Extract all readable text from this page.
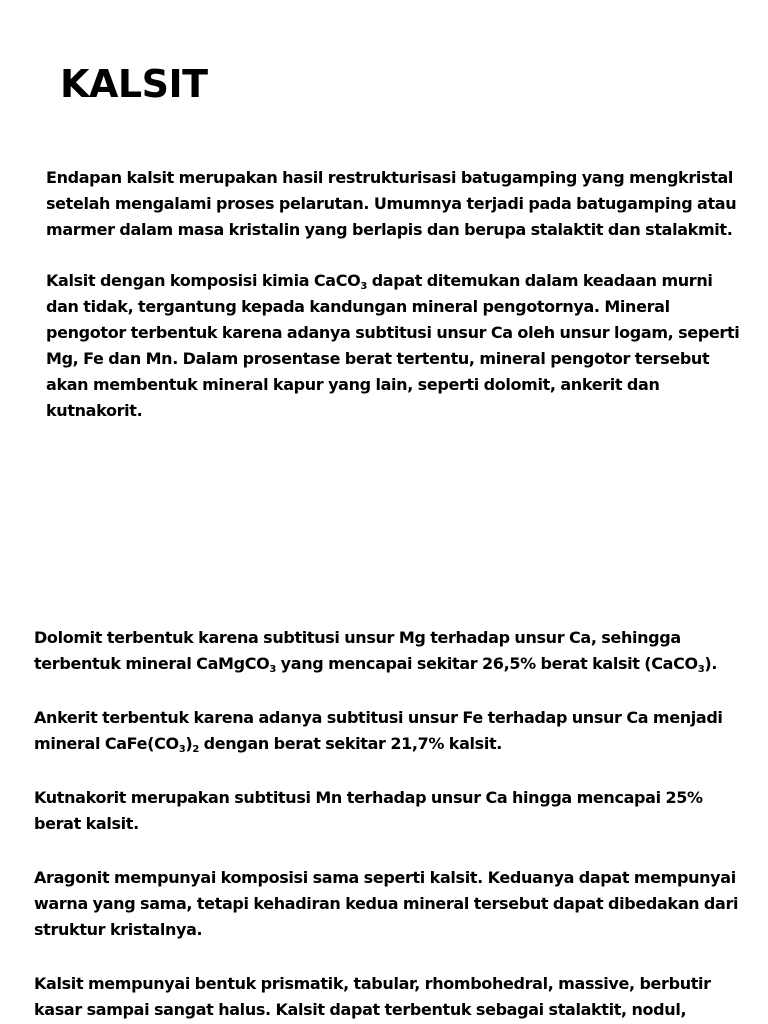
KALSIT

Endapan kalsit merupakan hasil restrukturisasi batugamping yang mengkristal setelah mengalami proses pelarutan. Umumnya terjadi pada batugamping atau marmer dalam masa kristalin yang berlapis dan berupa stalaktit dan stalakmit.

Kalsit dengan komposisi kimia CaCO$_3$ dapat ditemukan dalam keadaan murni dan tidak, tergantung kepada kandungan mineral pengotornya. Mineral pengotor terbentuk karena adanya subtitusi unsur Ca oleh unsur logam, seperti Mg, Fe dan Mn. Dalam prosentase berat tertentu, mineral pengotor tersebut akan membentuk mineral kapur yang lain, seperti dolomit, ankerit dan kutnakorit.

Dolomit terbentuk karena subtitusi unsur Mg terhadap unsur Ca, sehingga terbentuk mineral CaMgCO$_3$ yang mencapai sekitar 26,5% berat kalsit (CaCO$_3$).

Ankerit terbentuk karena adanya subtitusi unsur Fe terhadap unsur Ca menjadi mineral $CaFe(CO_3)_2$ dengan berat sekitar 21,7% kalsit.

Kutnakorit merupakan subtitusi Mn terhadap unsur Ca hingga mencapai 25% berat kalsit.

Aragonit mempunyai komposisi sama seperti kalsit. Keduanya dapat mempunyai warna yang sama, tetapi kehadiran kedua mineral tersebut dapat dibedakan dari struktur kristalnya.

Kalsit mempunyai bentuk prismatik, tabular, rhombohedral, massive, berbutir kasar sampai sangat halus. Kalsit dapat terbentuk sebagai stalaktit, nodul,
